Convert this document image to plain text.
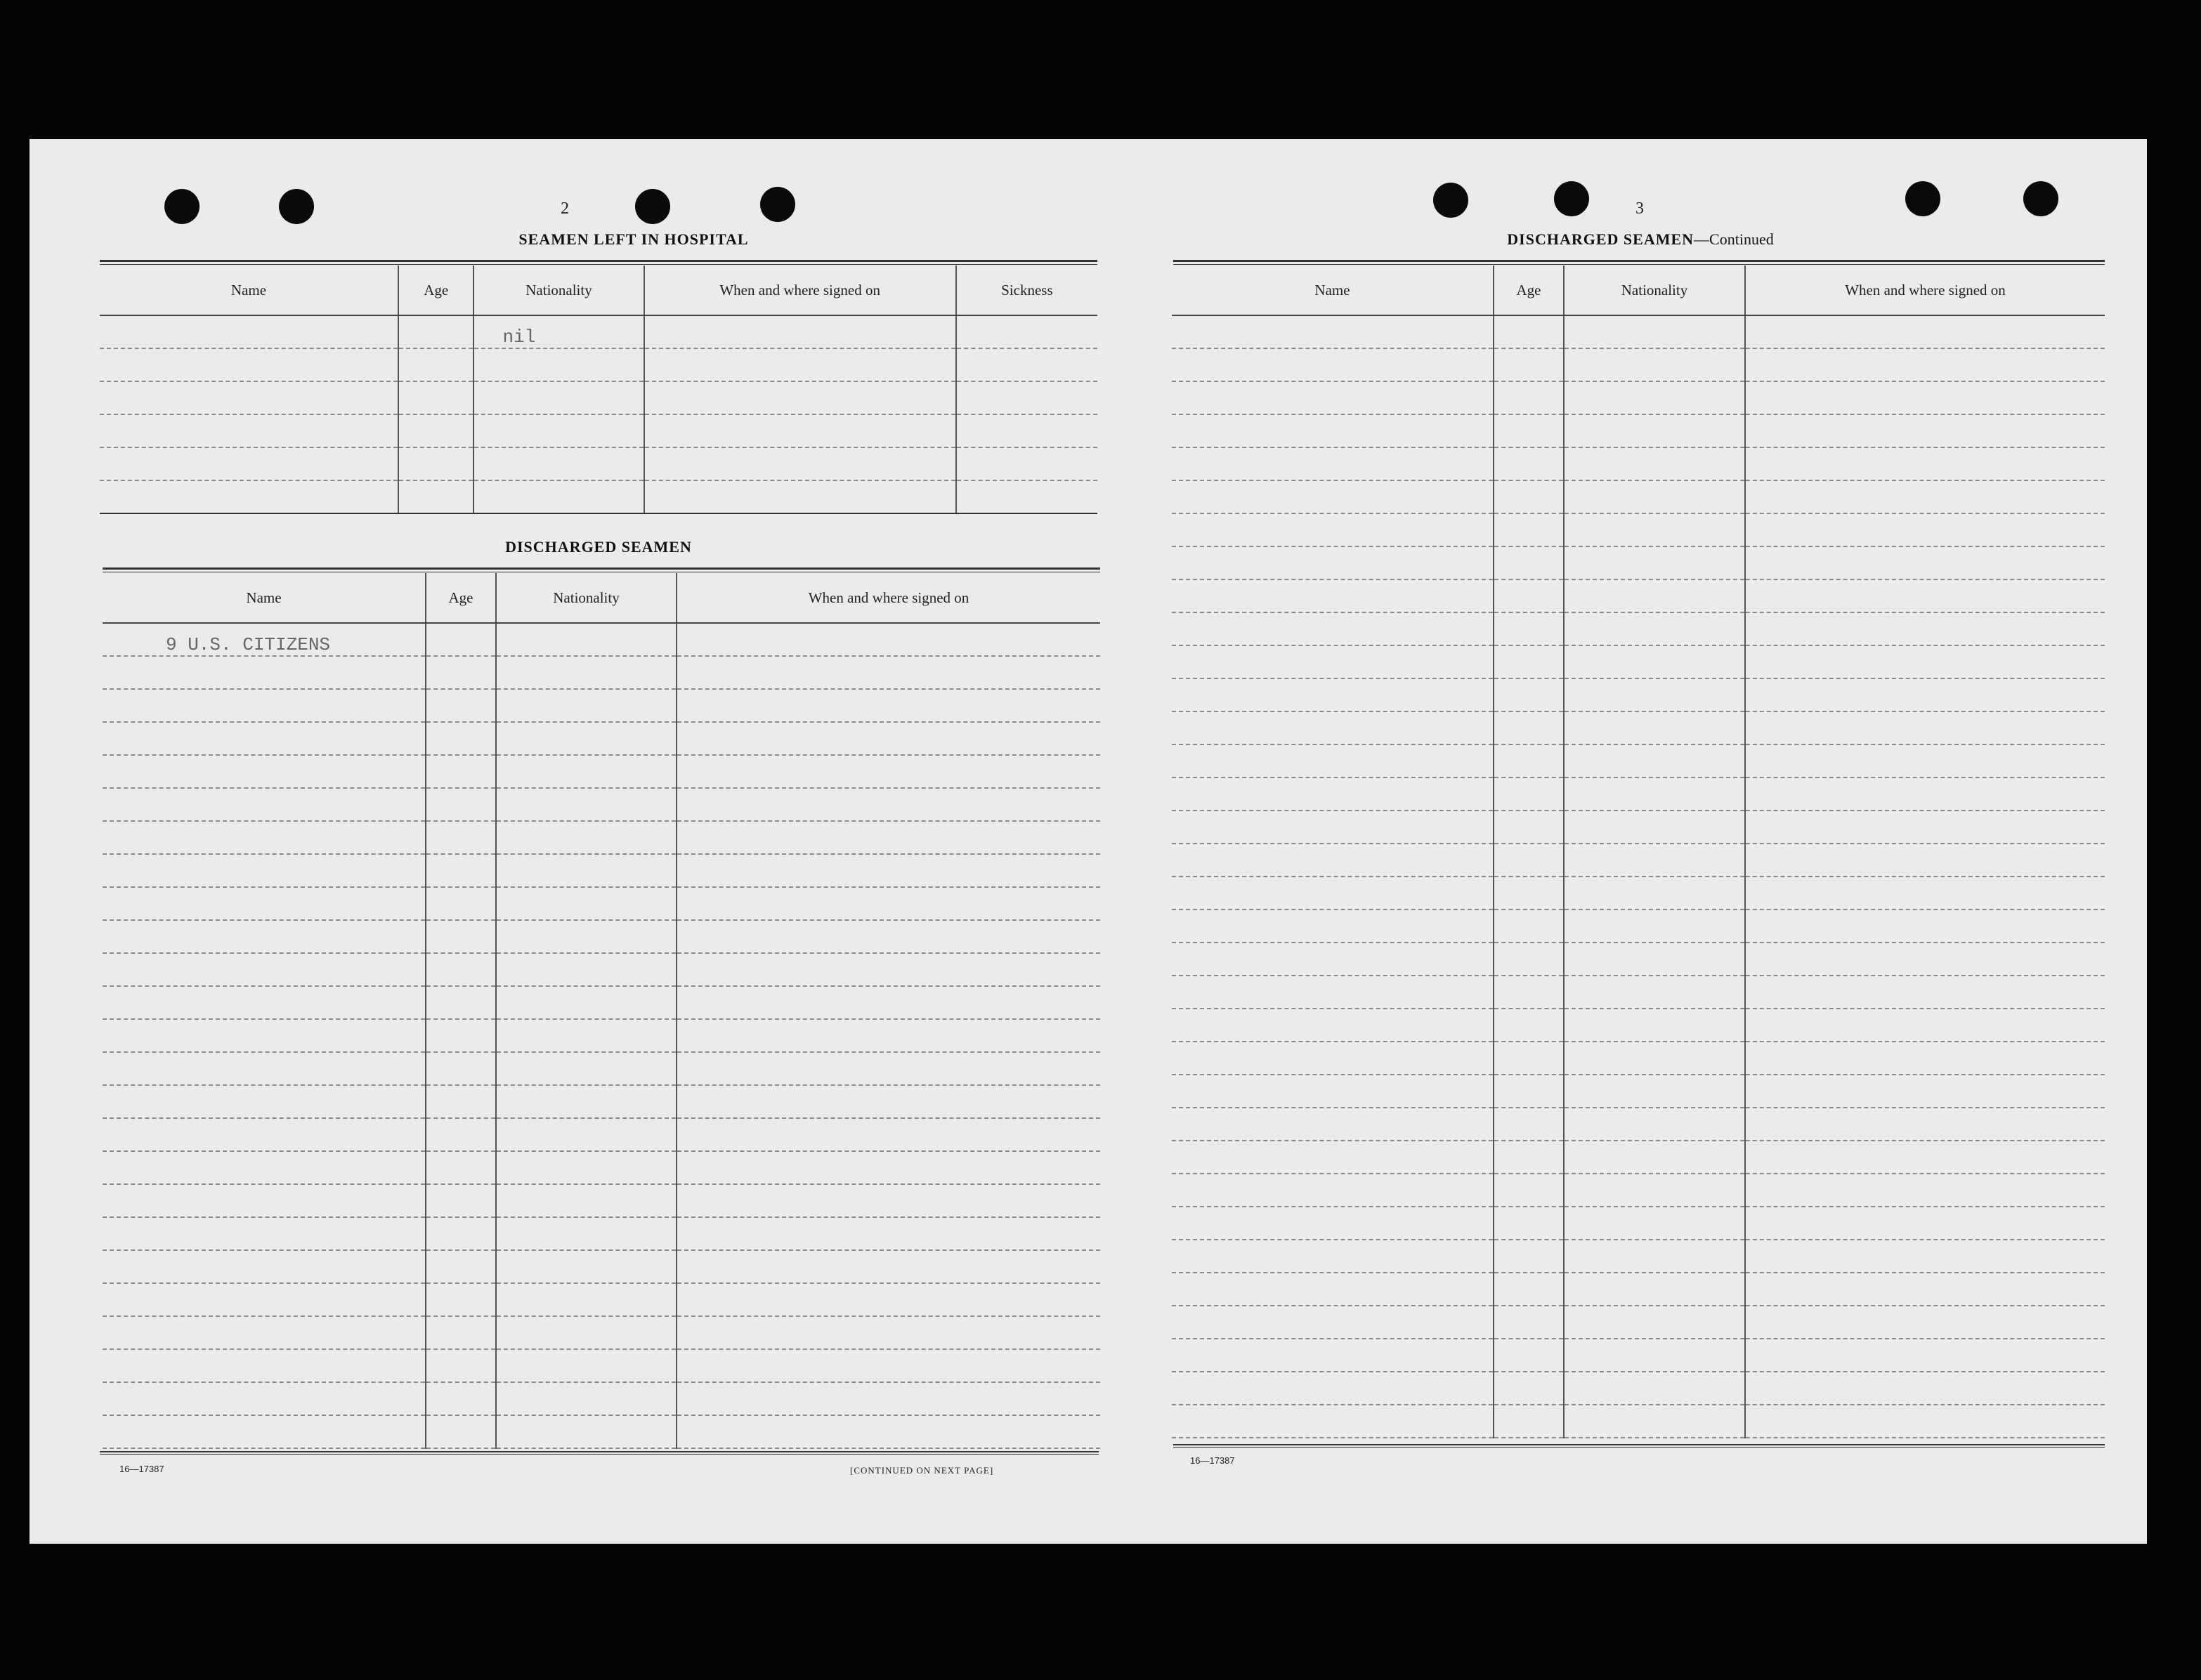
2
SEAMEN LEFT IN HOSPITAL
Name	Age	Nationality	When and where signed on	Sickness
		nil		

DISCHARGED SEAMEN
Name	Age	Nationality	When and where signed on
9 U.S. CITIZENS			

16—17387	[CONTINUED ON NEXT PAGE]
3
DISCHARGED SEAMEN—Continued
Name	Age	Nationality	When and where signed on

16—17387
